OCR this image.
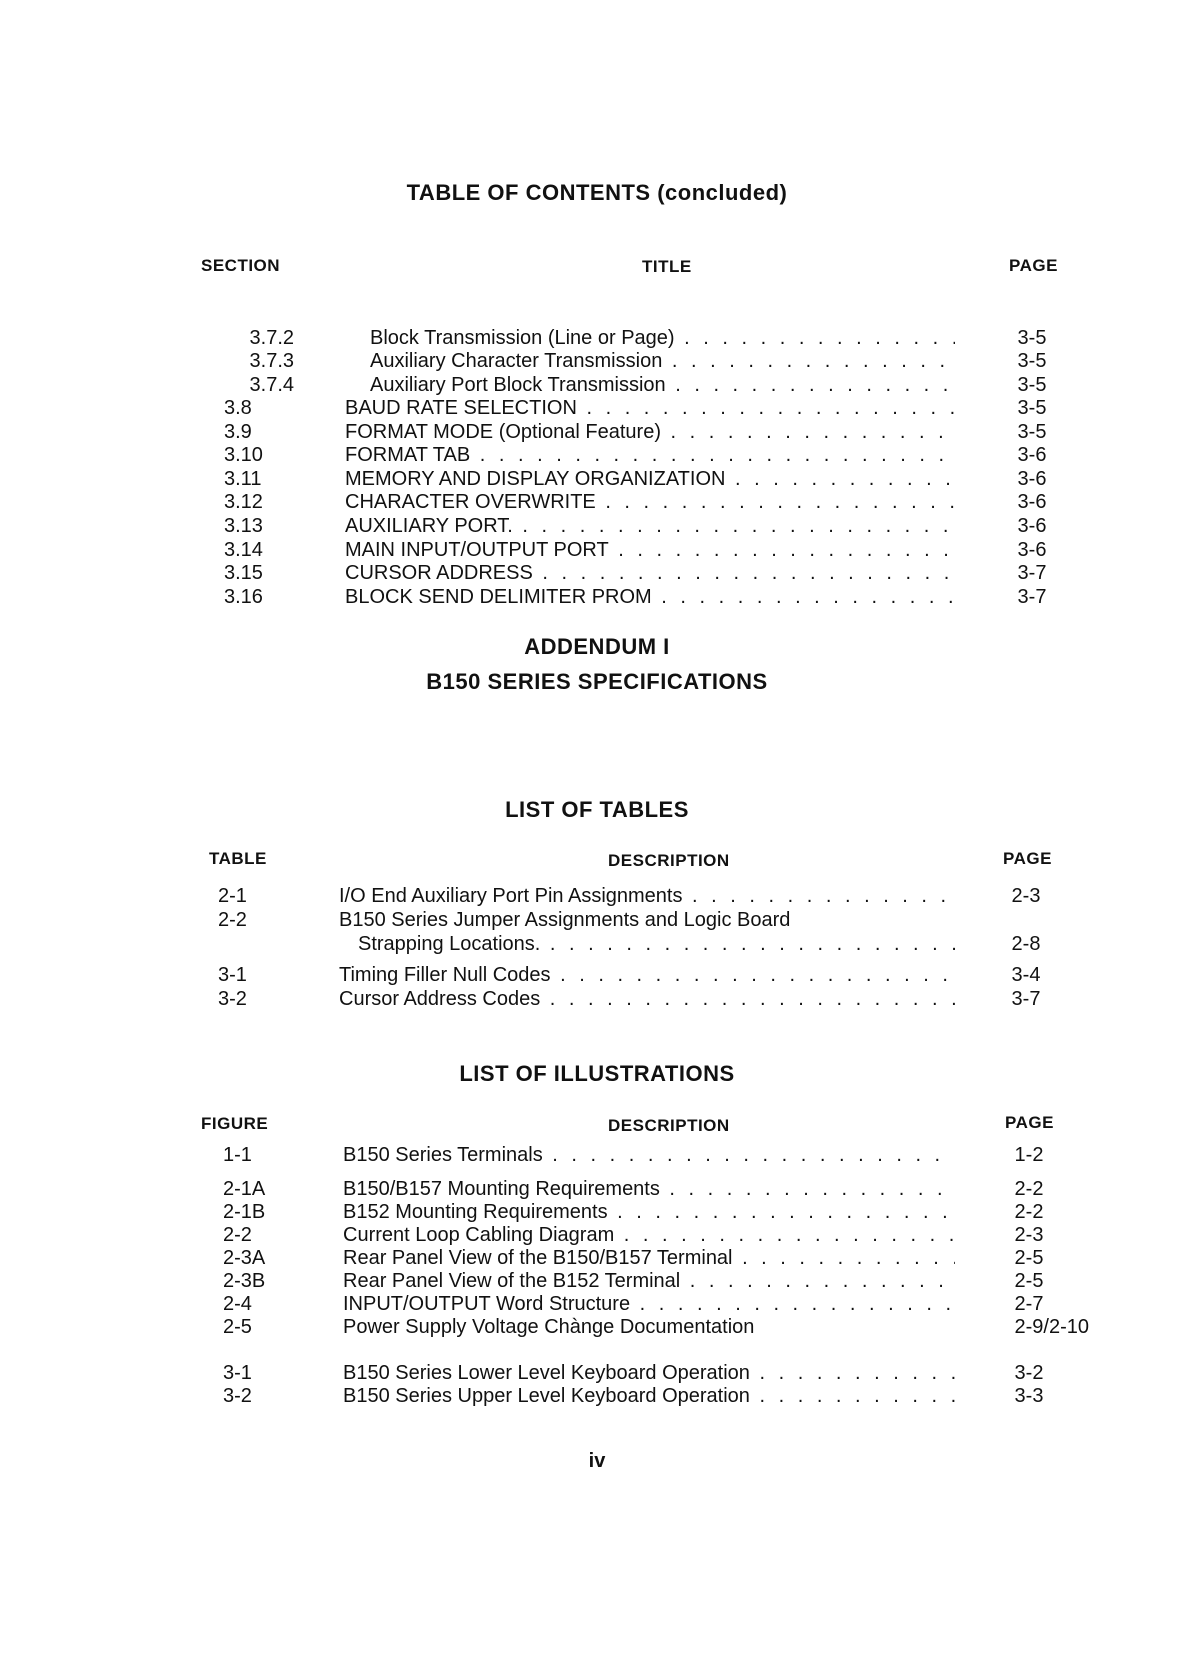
TABLE OF CONTENTS (concluded)
SECTION	TITLE	PAGE
3.7.2	Block Transmission (Line or Page) . . .	3-5
3.7.3	Auxiliary Character Transmission . . .	3-5
3.7.4	Auxiliary Port Block Transmission . . .	3-5
3.8	BAUD RATE SELECTION . . .	3-5
3.9	FORMAT MODE (Optional Feature) . . .	3-5
3.10	FORMAT TAB . . .	3-6
3.11	MEMORY AND DISPLAY ORGANIZATION . . .	3-6
3.12	CHARACTER OVERWRITE . . .	3-6
3.13	AUXILIARY PORT. . . .	3-6
3.14	MAIN INPUT/OUTPUT PORT . . .	3-6
3.15	CURSOR ADDRESS . . .	3-7
3.16	BLOCK SEND DELIMITER PROM . . .	3-7
ADDENDUM I
B150 SERIES SPECIFICATIONS
LIST OF TABLES
TABLE	DESCRIPTION	PAGE
2-1	I/O End Auxiliary Port Pin Assignments . . .	2-3
2-2	B150 Series Jumper Assignments and Logic Board
Strapping Locations. . . .	2-8
3-1	Timing Filler Null Codes . . .	3-4
3-2	Cursor Address Codes . . .	3-7
LIST OF ILLUSTRATIONS
FIGURE	DESCRIPTION	PAGE
1-1	B150 Series Terminals . . .	1-2
2-1A	B150/B157 Mounting Requirements . . .	2-2
2-1B	B152 Mounting Requirements . . .	2-2
2-2	Current Loop Cabling Diagram . . .	2-3
2-3A	Rear Panel View of the B150/B157 Terminal . . .	2-5
2-3B	Rear Panel View of the B152 Terminal . . .	2-5
2-4	INPUT/OUTPUT Word Structure . . .	2-7
2-5	Power Supply Voltage Chànge Documentation	2-9/2-10
3-1	B150 Series Lower Level Keyboard Operation . . .	3-2
3-2	B150 Series Upper Level Keyboard Operation . . .	3-3
iv
